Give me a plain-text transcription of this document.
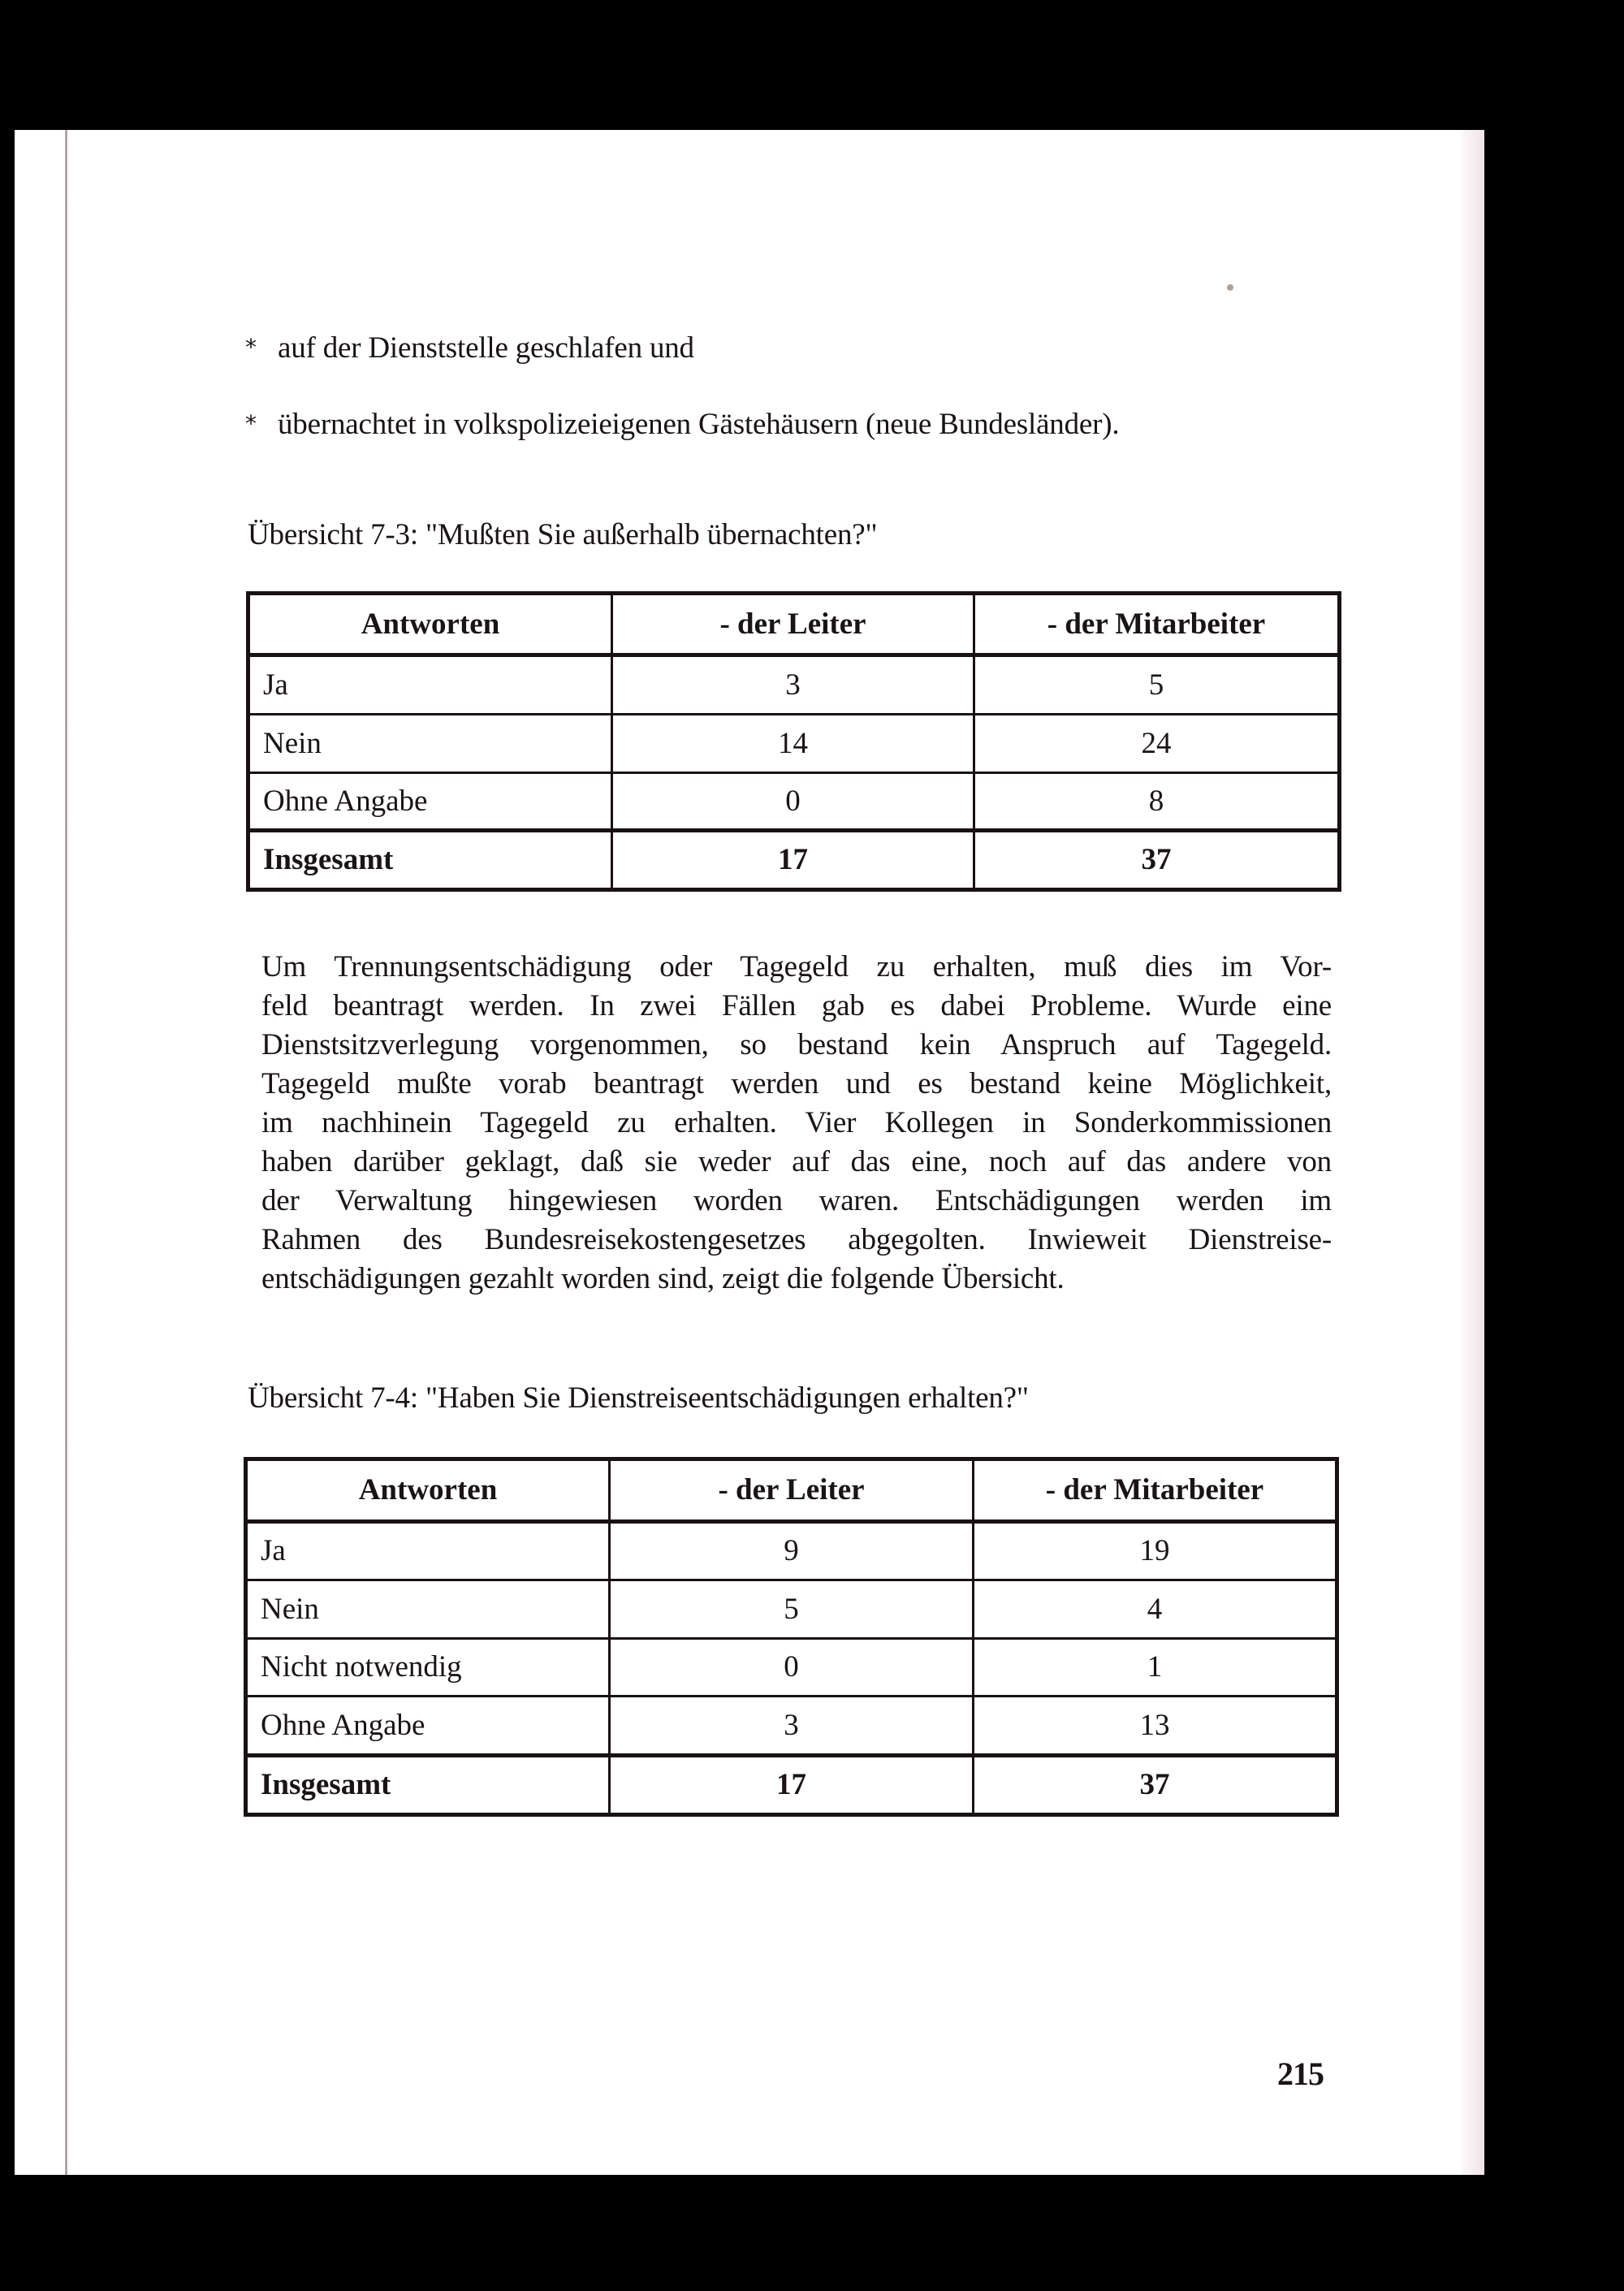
* auf der Dienststelle geschlafen und
* übernachtet in volkspolizeieigenen Gästehäusern (neue Bundesländer).
Übersicht 7-3: "Mußten Sie außerhalb übernachten?"
Antworten	- der Leiter	- der Mitarbeiter
Ja	3	5
Nein	14	24
Ohne Angabe	0	8
Insgesamt	17	37
Um Trennungsentschädigung oder Tagegeld zu erhalten, muß dies im Vor-
feld beantragt werden. In zwei Fällen gab es dabei Probleme. Wurde eine
Dienstsitzverlegung vorgenommen, so bestand kein Anspruch auf Tagegeld.
Tagegeld mußte vorab beantragt werden und es bestand keine Möglichkeit,
im nachhinein Tagegeld zu erhalten. Vier Kollegen in Sonderkommissionen
haben darüber geklagt, daß sie weder auf das eine, noch auf das andere von
der Verwaltung hingewiesen worden waren. Entschädigungen werden im
Rahmen des Bundesreisekostengesetzes abgegolten. Inwieweit Dienstreise-
entschädigungen gezahlt worden sind, zeigt die folgende Übersicht.
Übersicht 7-4: "Haben Sie Dienstreiseentschädigungen erhalten?"
Antworten	- der Leiter	- der Mitarbeiter
Ja	9	19
Nein	5	4
Nicht notwendig	0	1
Ohne Angabe	3	13
Insgesamt	17	37
215
